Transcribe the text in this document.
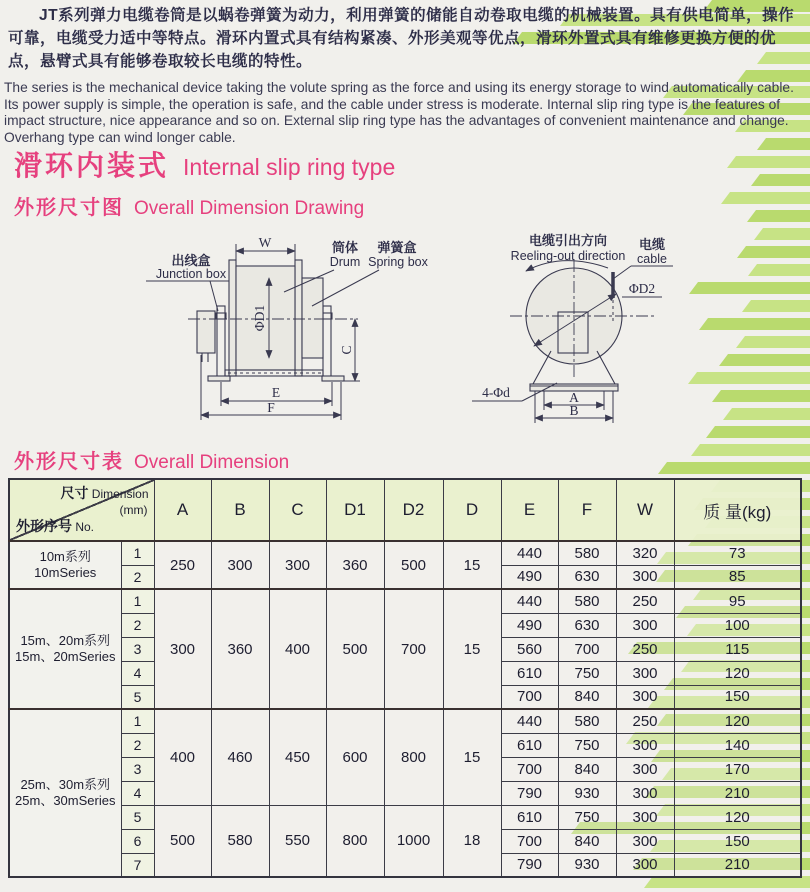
JT系列弹力电缆卷筒是以蜗卷弹簧为动力，利用弹簧的储能自动卷取电缆的机械装置。具有供电简单，操作可靠，电缆受力适中等特点。滑环内置式具有结构紧凑、外形美观等优点，滑环外置式具有维修更换方便的优点，悬臂式具有能够卷取较长电缆的特性。

The series is the mechanical device taking the volute spring as the force and using its energy storage to wind automatically cable. Its power supply is simple, the operation is safe, and the cable under stress is moderate. Internal slip ring type is the features of impact structure, nice appearance and so on. External slip ring type has the advantages of convenient maintenance and change. Overhang type can wind longer cable.

滑环内装式 Internal slip ring type
外形尺寸图 Overall Dimension Drawing
出线盒
Junction box
筒体
Drum
弹簧盒
Spring box
W
ΦD1
C
E
F
电缆引出方向
Reeling-out direction
电缆
cable
ΦD2
4-Φd	A
B
外形尺寸表 Overall Dimension
尺寸 Dimension
(mm)
外形序号 No.		A	B	C	D1	D2	D	E	F	W	质 量(kg)

10m系列
10mSeries	1	250	300	300	360	500	15	440	580	320	73
	2							490	630	300	85

15m、20m系列
15m、20mSeries	1	300	360	400	500	700	15	440	580	250	95
	2							490	630	300	100
	3							560	700	250	115
	4							610	750	300	120
	5							700	840	300	150

25m、30m系列
25m、30mSeries	1	400	460	450	600	800	15	440	580	250	120
	2							610	750	300	140
	3							700	840	300	170
	4							790	930	300	210
	5	500	580	550	800	1000	18	610	750	300	120
	6							700	840	300	150
	7							790	930	300	210
